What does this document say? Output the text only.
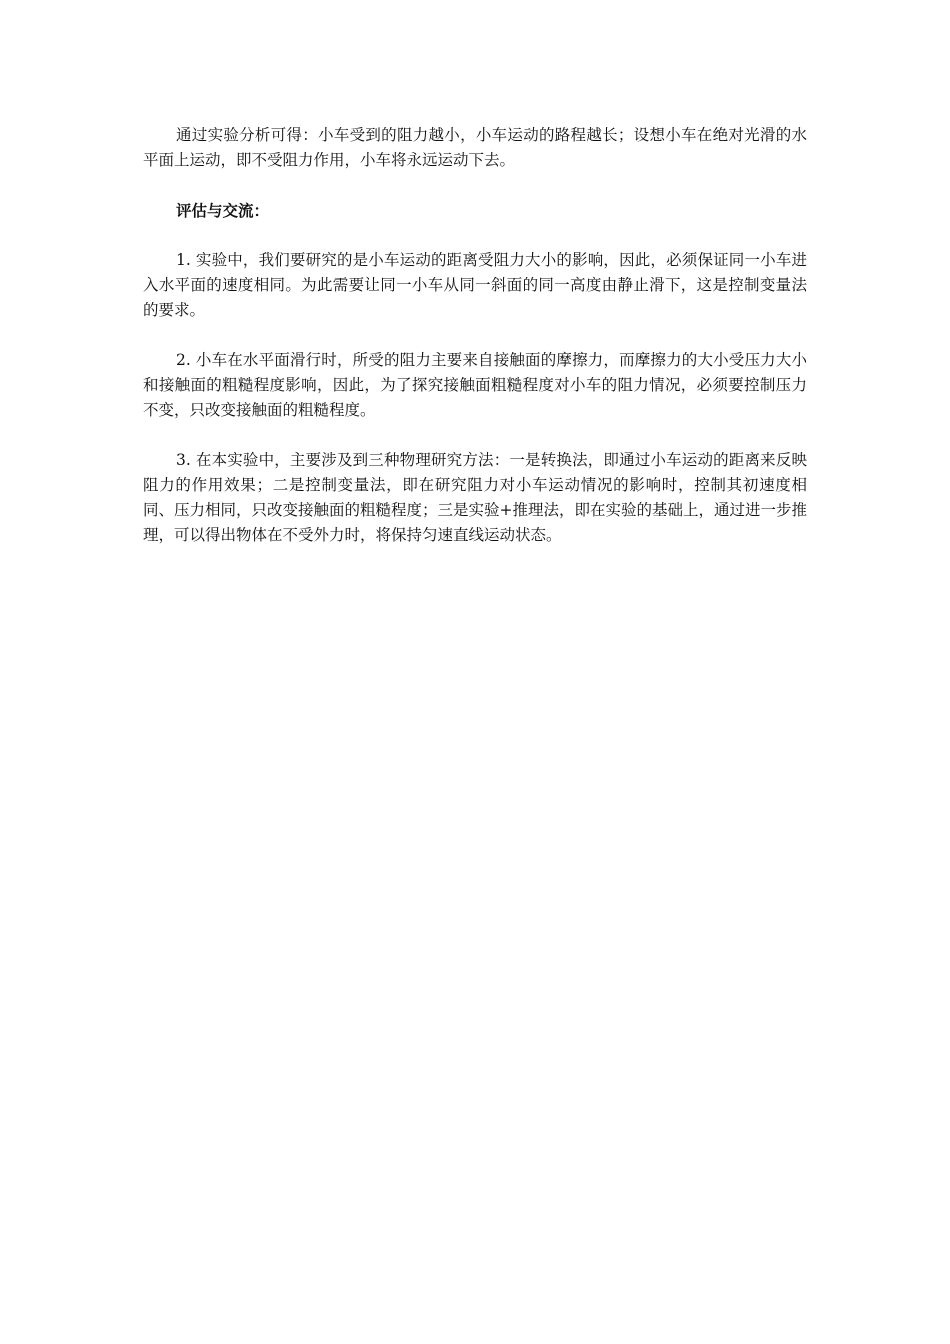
通过实验分析可得：小车受到的阻力越小，小车运动的路程越长；设想小车在绝对光滑的水平面上运动，即不受阻力作用，小车将永远运动下去。

评估与交流：

1. 实验中，我们要研究的是小车运动的距离受阻力大小的影响，因此，必须保证同一小车进入水平面的速度相同。为此需要让同一小车从同一斜面的同一高度由静止滑下，这是控制变量法的要求。

2. 小车在水平面滑行时，所受的阻力主要来自接触面的摩擦力，而摩擦力的大小受压力大小和接触面的粗糙程度影响，因此，为了探究接触面粗糙程度对小车的阻力情况，必须要控制压力不变，只改变接触面的粗糙程度。

3. 在本实验中，主要涉及到三种物理研究方法：一是转换法，即通过小车运动的距离来反映阻力的作用效果；二是控制变量法，即在研究阻力对小车运动情况的影响时，控制其初速度相同、压力相同，只改变接触面的粗糙程度；三是实验+推理法，即在实验的基础上，通过进一步推理，可以得出物体在不受外力时，将保持匀速直线运动状态。
